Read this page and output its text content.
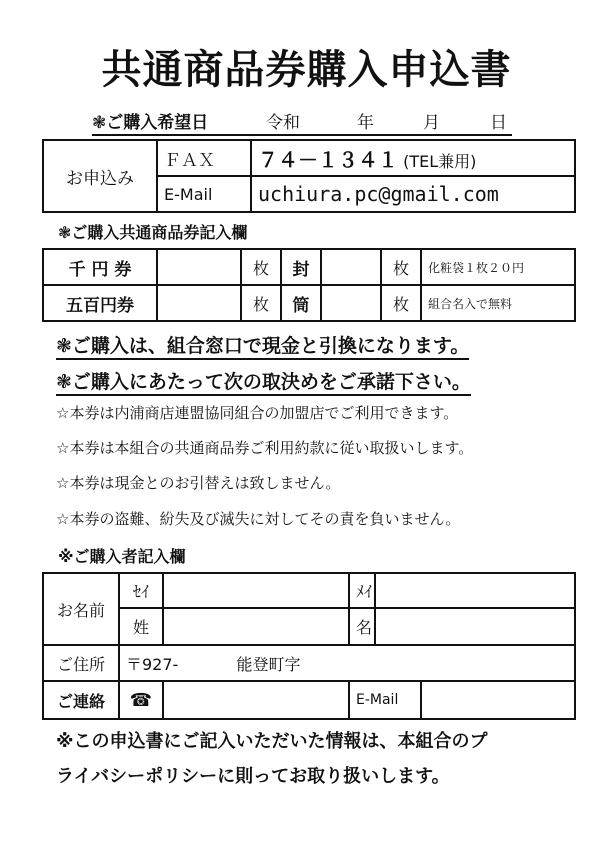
共通商品券購入申込書
❃ご購入希望日	令和	年	月	日
お申込み	ＦＡＸ	７４－１３４１ (TEL兼用)
	E-Mail	uchiura.pc@gmail.com
❃ご購入共通商品券記入欄
千 円 券		枚	封		枚	化粧袋１枚２０円
五百円券		枚	筒		枚	組合名入で無料
❃ご購入は、組合窓口で現金と引換になります。
❃ご購入にあたって次の取決めをご承諾下さい。
☆本券は内浦商店連盟協同組合の加盟店でご利用できます。
☆本券は本組合の共通商品券ご利用約款に従い取扱いします。
☆本券は現金とのお引替えは致しません。
☆本券の盗難、紛失及び滅失に対してその責を負いません。
※ご購入者記入欄
お名前	ｾｲ		ﾒｲ	
	姓		名	
ご住所	〒927- 能登町字			
ご連絡	☎		E-Mail	
※この申込書にご記入いただいた情報は、本組合のプ
ライバシーポリシーに則ってお取り扱いします。
